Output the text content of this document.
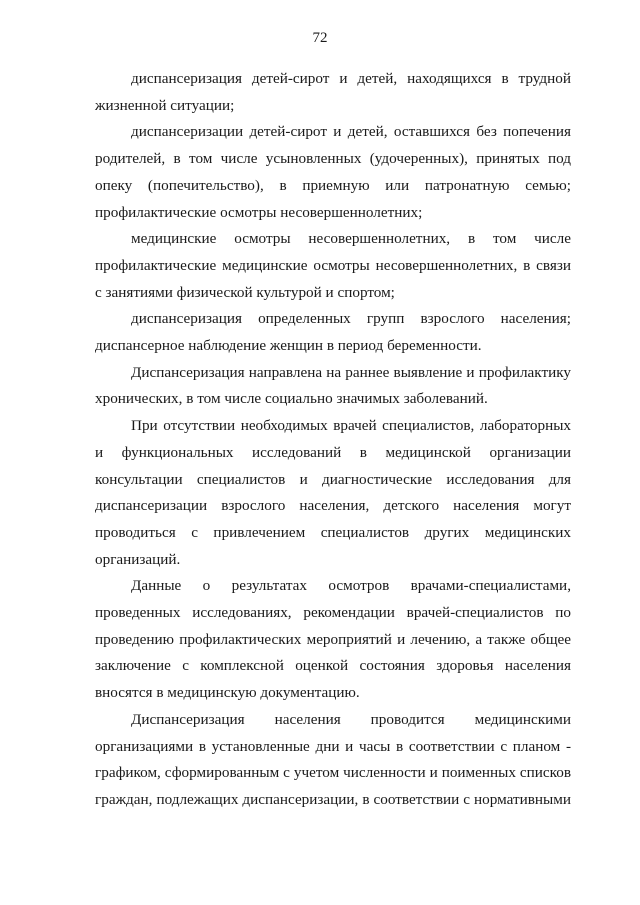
72

диспансеризация детей-сирот и детей, находящихся в трудной жизненной ситуации;

диспансеризации детей-сирот и детей, оставшихся без попечения родителей, в том числе усыновленных (удочеренных), принятых под опеку (попечительство), в приемную или патронатную семью; профилактические осмотры несовершеннолетних;

медицинские осмотры несовершеннолетних, в том числе профилактические медицинские осмотры несовершеннолетних, в связи с занятиями физической культурой и спортом;

диспансеризация определенных групп взрослого населения; диспансерное наблюдение женщин в период беременности.

Диспансеризация направлена на раннее выявление и профилактику хронических, в том числе социально значимых заболеваний.

При отсутствии необходимых врачей специалистов, лабораторных и функциональных исследований в медицинской организации консультации специалистов и диагностические исследования для диспансеризации взрослого населения, детского населения могут проводиться с привлечением специалистов других медицинских организаций.

Данные о результатах осмотров врачами-специалистами, проведенных исследованиях, рекомендации врачей-специалистов по проведению профилактических мероприятий и лечению, а также общее заключение с комплексной оценкой состояния здоровья населения вносятся в медицинскую документацию.

Диспансеризация населения проводится медицинскими организациями в установленные дни и часы в соответствии с планом - графиком, сформированным с учетом численности и поименных списков граждан, подлежащих диспансеризации, в соответствии с нормативными
